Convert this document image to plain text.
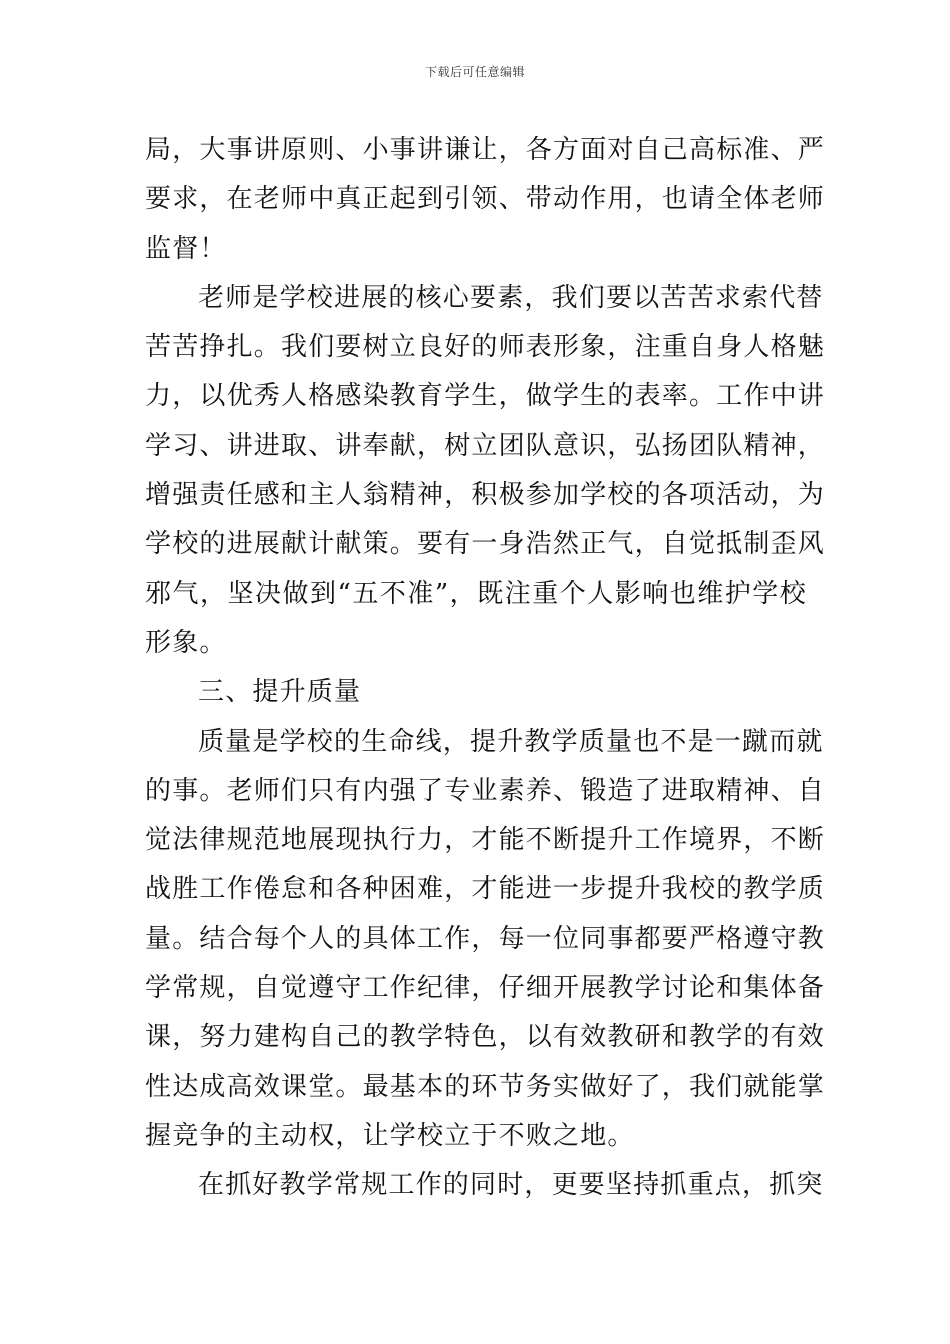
下载后可任意编辑
局，大事讲原则、小事讲谦让，各方面对自己高标准、严
要求，在老师中真正起到引领、带动作用，也请全体老师
监督！
老师是学校进展的核心要素，我们要以苦苦求索代替
苦苦挣扎。我们要树立良好的师表形象，注重自身人格魅
力，以优秀人格感染教育学生，做学生的表率。工作中讲
学习、讲进取、讲奉献，树立团队意识，弘扬团队精神，
增强责任感和主人翁精神，积极参加学校的各项活动，为
学校的进展献计献策。要有一身浩然正气，自觉抵制歪风
邪气，坚决做到“五不准”，既注重个人影响也维护学校
形象。
三、提升质量
质量是学校的生命线，提升教学质量也不是一蹴而就
的事。老师们只有内强了专业素养、锻造了进取精神、自
觉法律规范地展现执行力，才能不断提升工作境界，不断
战胜工作倦怠和各种困难，才能进一步提升我校的教学质
量。结合每个人的具体工作，每一位同事都要严格遵守教
学常规，自觉遵守工作纪律，仔细开展教学讨论和集体备
课，努力建构自己的教学特色，以有效教研和教学的有效
性达成高效课堂。最基本的环节务实做好了，我们就能掌
握竞争的主动权，让学校立于不败之地。
在抓好教学常规工作的同时，更要坚持抓重点，抓突
